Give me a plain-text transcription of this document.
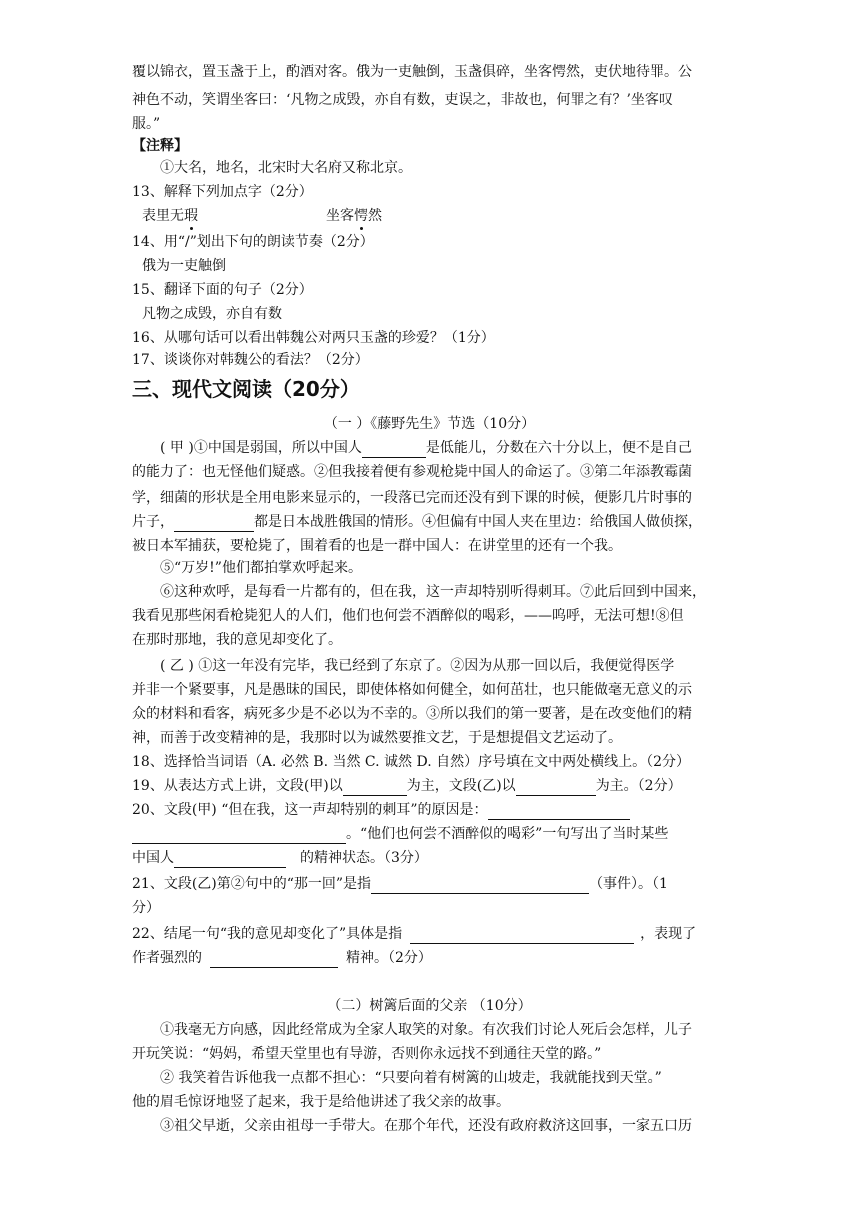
覆以锦衣，置玉盏于上，酌酒对客。俄为一吏触倒，玉盏俱碎，坐客愕然，吏伏地待罪。公
神色不动，笑谓坐客曰：‘凡物之成毁，亦自有数，吏误之，非故也，何罪之有？’坐客叹
服。”
【注释】
①大名，地名，北宋时大名府又称北京。
13、解释下列加点字（2分）
表里无瑕	坐客愕然
14、用“/”划出下句的朗读节奏（2分）
俄为一吏触倒
15、翻译下面的句子（2分）
凡物之成毁，亦自有数
16、从哪句话可以看出韩魏公对两只玉盏的珍爱？（1分）
17、谈谈你对韩魏公的看法？（2分）
三、现代文阅读（20分）
（一 ）《藤野先生》节选（10分）
( 甲 )①中国是弱国，所以中国人	是低能儿，分数在六十分以上，便不是自己
的能力了：也无怪他们疑惑。②但我接着便有参观枪毙中国人的命运了。③第二年添教霉菌
学，细菌的形状是全用电影来显示的，一段落已完而还没有到下课的时候，便影几片时事的
片子，	都是日本战胜俄国的情形。④但偏有中国人夹在里边：给俄国人做侦探，
被日本军捕获，要枪毙了，围着看的也是一群中国人：在讲堂里的还有一个我。
⑤“万岁!”他们都拍掌欢呼起来。
⑥这种欢呼，是每看一片都有的，但在我，这一声却特别听得刺耳。⑦此后回到中国来，
我看见那些闲看枪毙犯人的人们，他们也何尝不酒醉似的喝彩，——呜呼，无法可想!⑧但
在那时那地，我的意见却变化了。
( 乙 ) ①这一年没有完毕，我已经到了东京了。②因为从那一回以后，我便觉得医学
并非一个紧要事，凡是愚昧的国民，即使体格如何健全，如何茁壮，也只能做毫无意义的示
众的材料和看客，病死多少是不必以为不幸的。③所以我们的第一要著，是在改变他们的精
神，而善于改变精神的是，我那时以为诚然要推文艺，于是想提倡文艺运动了。
18、选择恰当词语（A. 必然 B. 当然 C. 诚然 D. 自然）序号填在文中两处横线上。（2分）
19、从表达方式上讲，文段(甲)以	为主，文段(乙)以	为主。（2分）
20、文段(甲) “但在我，这一声却特别的刺耳”的原因是：
。“他们也何尝不酒醉似的喝彩”一句写出了当时某些
中国人	的精神状态。（3分）
21、文段(乙)第②句中的“那一回”是指	（事件）。（1
分）
22、结尾一句“我的意见却变化了”具体是指	，表现了
作者强烈的	精神。（2分）
（二）树篱后面的父亲 （10分）
①我毫无方向感，因此经常成为全家人取笑的对象。有次我们讨论人死后会怎样，儿子
开玩笑说：“妈妈，希望天堂里也有导游，否则你永远找不到通往天堂的路。”
② 我笑着告诉他我一点都不担心：“只要向着有树篱的山坡走，我就能找到天堂。”
他的眉毛惊讶地竖了起来，我于是给他讲述了我父亲的故事。
③祖父早逝，父亲由祖母一手带大。在那个年代，还没有政府救济这回事，一家五口历
